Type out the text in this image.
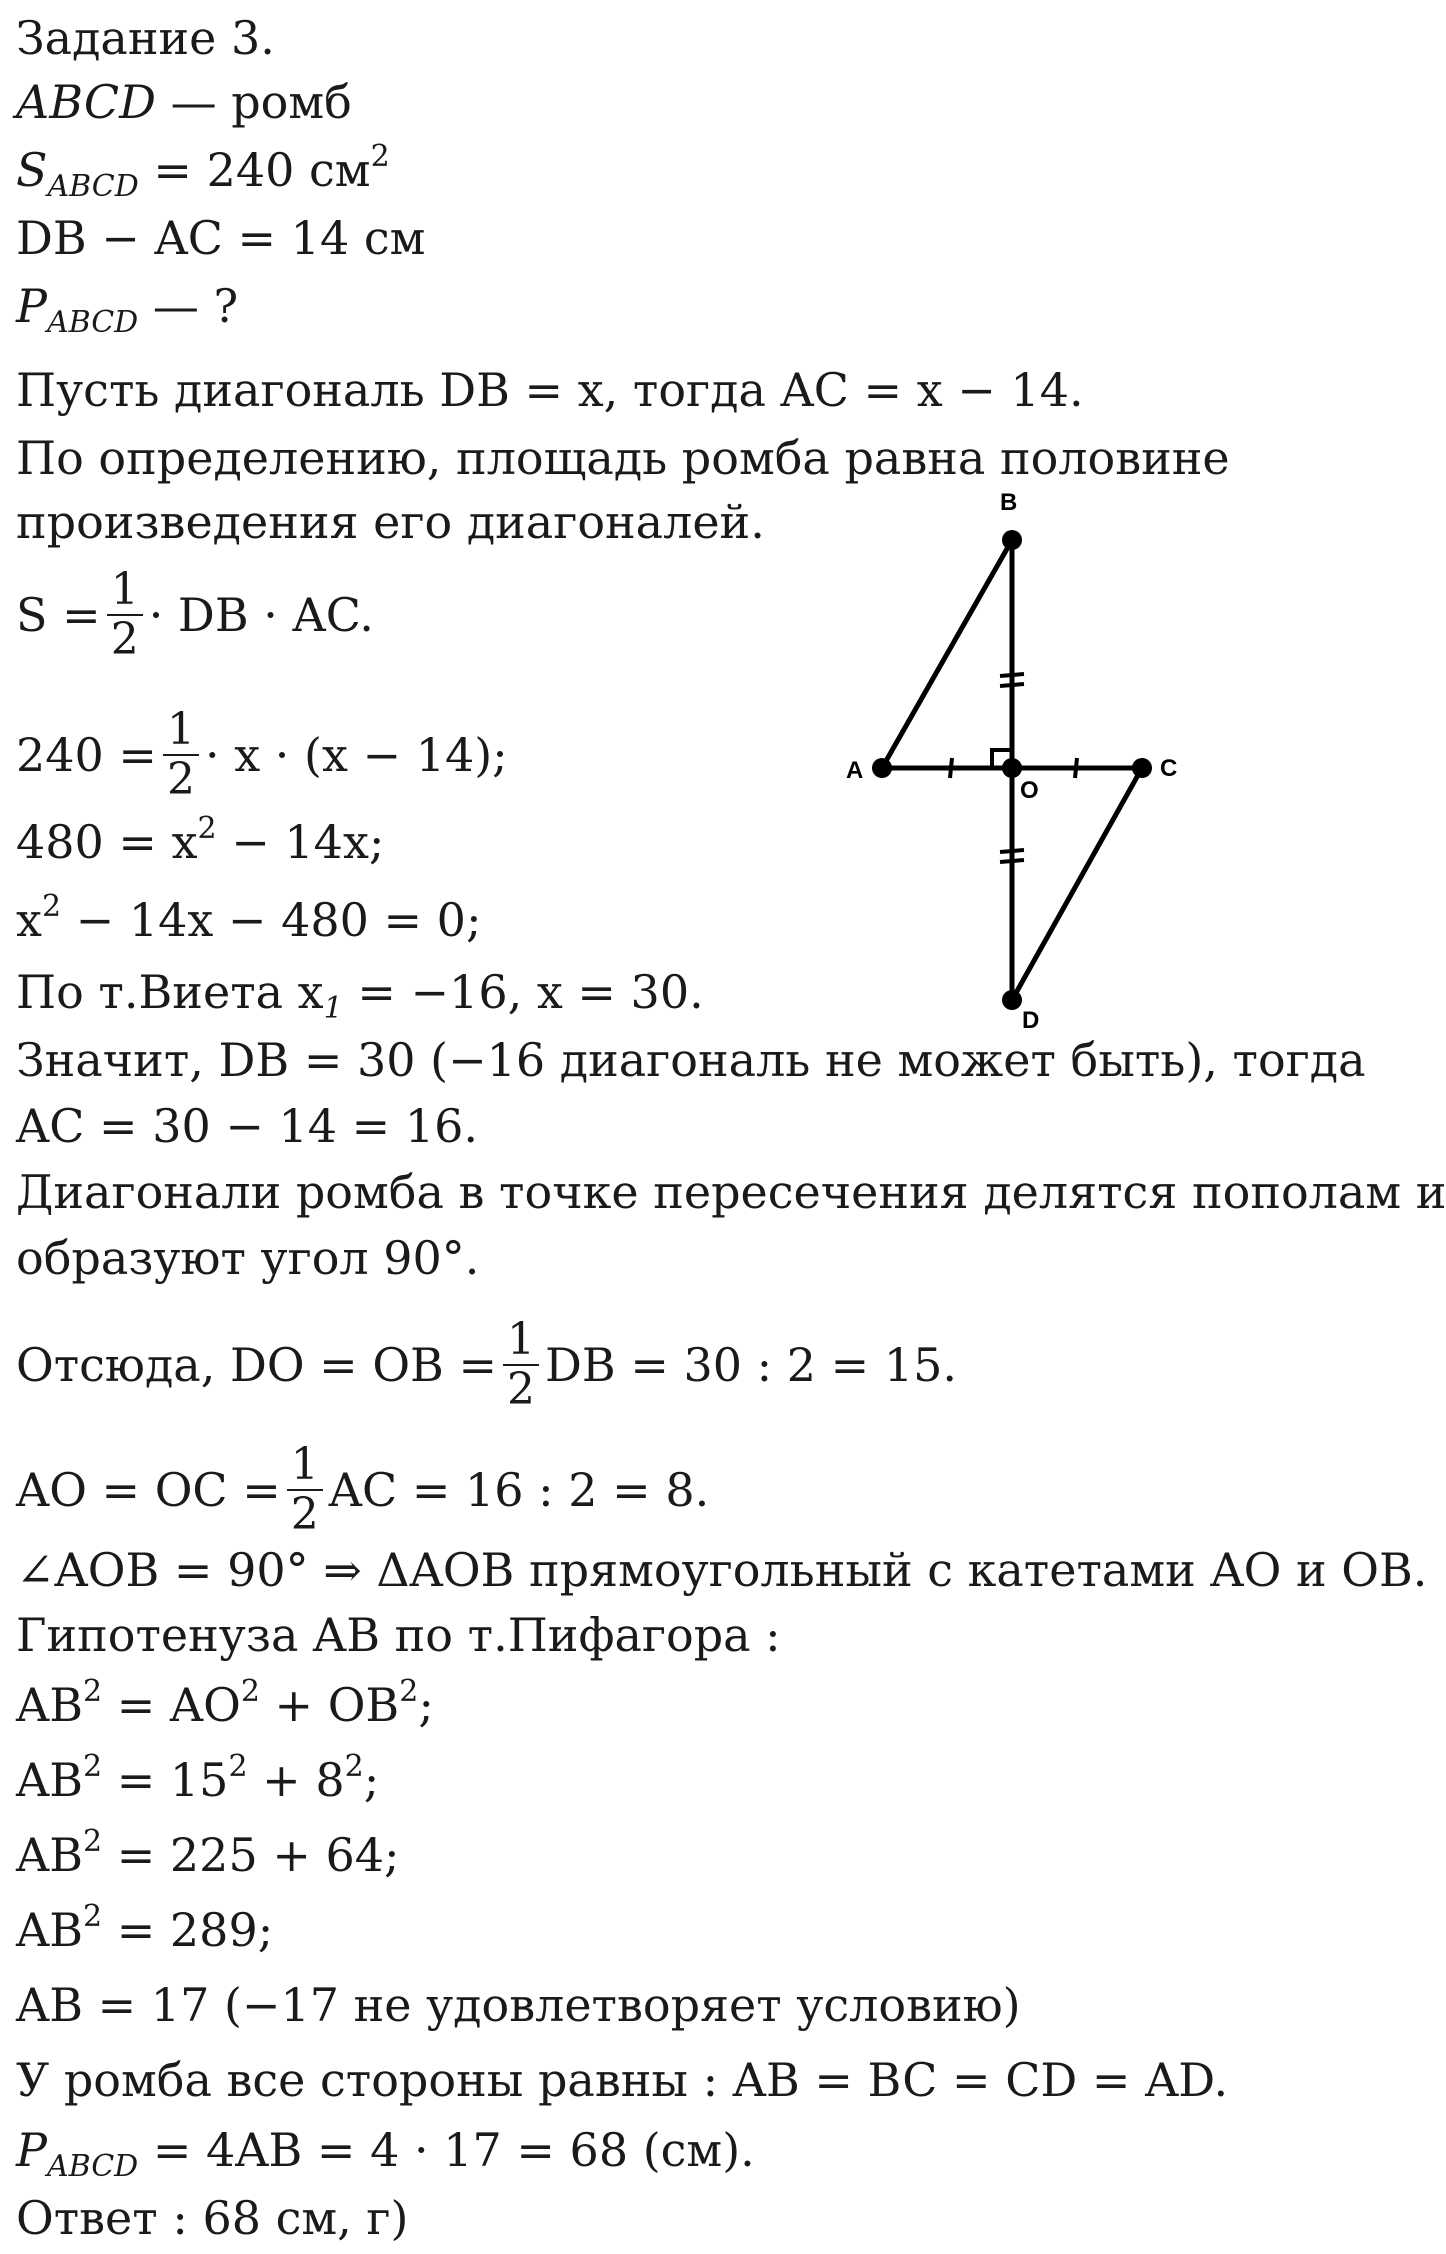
Задание 3.
ABCD — ромб
$S_{ABCD} = 240$ $см^2$
DB − AC = 14 см
$P_{ABCD}$ — ?
Пусть диагональ DB = x, тогда AC = x − 14.
По определению, площадь ромба равна половине
произведения его диагоналей.
$S = \frac{1}{2}$ · DB · AC.
$240 = \frac{1}{2} \cdot x \cdot (x - 14)$;
$480 = x^2 - 14x$;
$x^2 - 14x - 480 = 0$;
По т.Виета $x_1 = -16$, x = 30.
Значит, DB = 30 (−16 диагональ не может быть), тогда
AC = 30 − 14 = 16.
Диагонали ромба в точке пересечения делятся пополам и
образуют угол 90°.
Отсюда, DO = OB = $\frac{1}{2}$ DB = 30 : 2 = 15.
AO = OC = $\frac{1}{2}$ AC = 16 : 2 = 8.
∠AOB = 90° ⇒ ΔAOB прямоугольный с катетами AO и OB.
Гипотенуза AB по т.Пифагора :
$AB^2 = AO^2 + OB^2$;
$AB^2 = 15^2 + 8^2$;
$AB^2 = 225 + 64$;
$AB^2 = 289$;
AB = 17 (−17 не удовлетворяет условию)
У ромба все стороны равны : AB = BC = CD = AD.
$P_{ABCD} = 4AB = 4 \cdot 17 = 68$ (см).
Ответ : 68 см, г)
B
A	C
D
O
